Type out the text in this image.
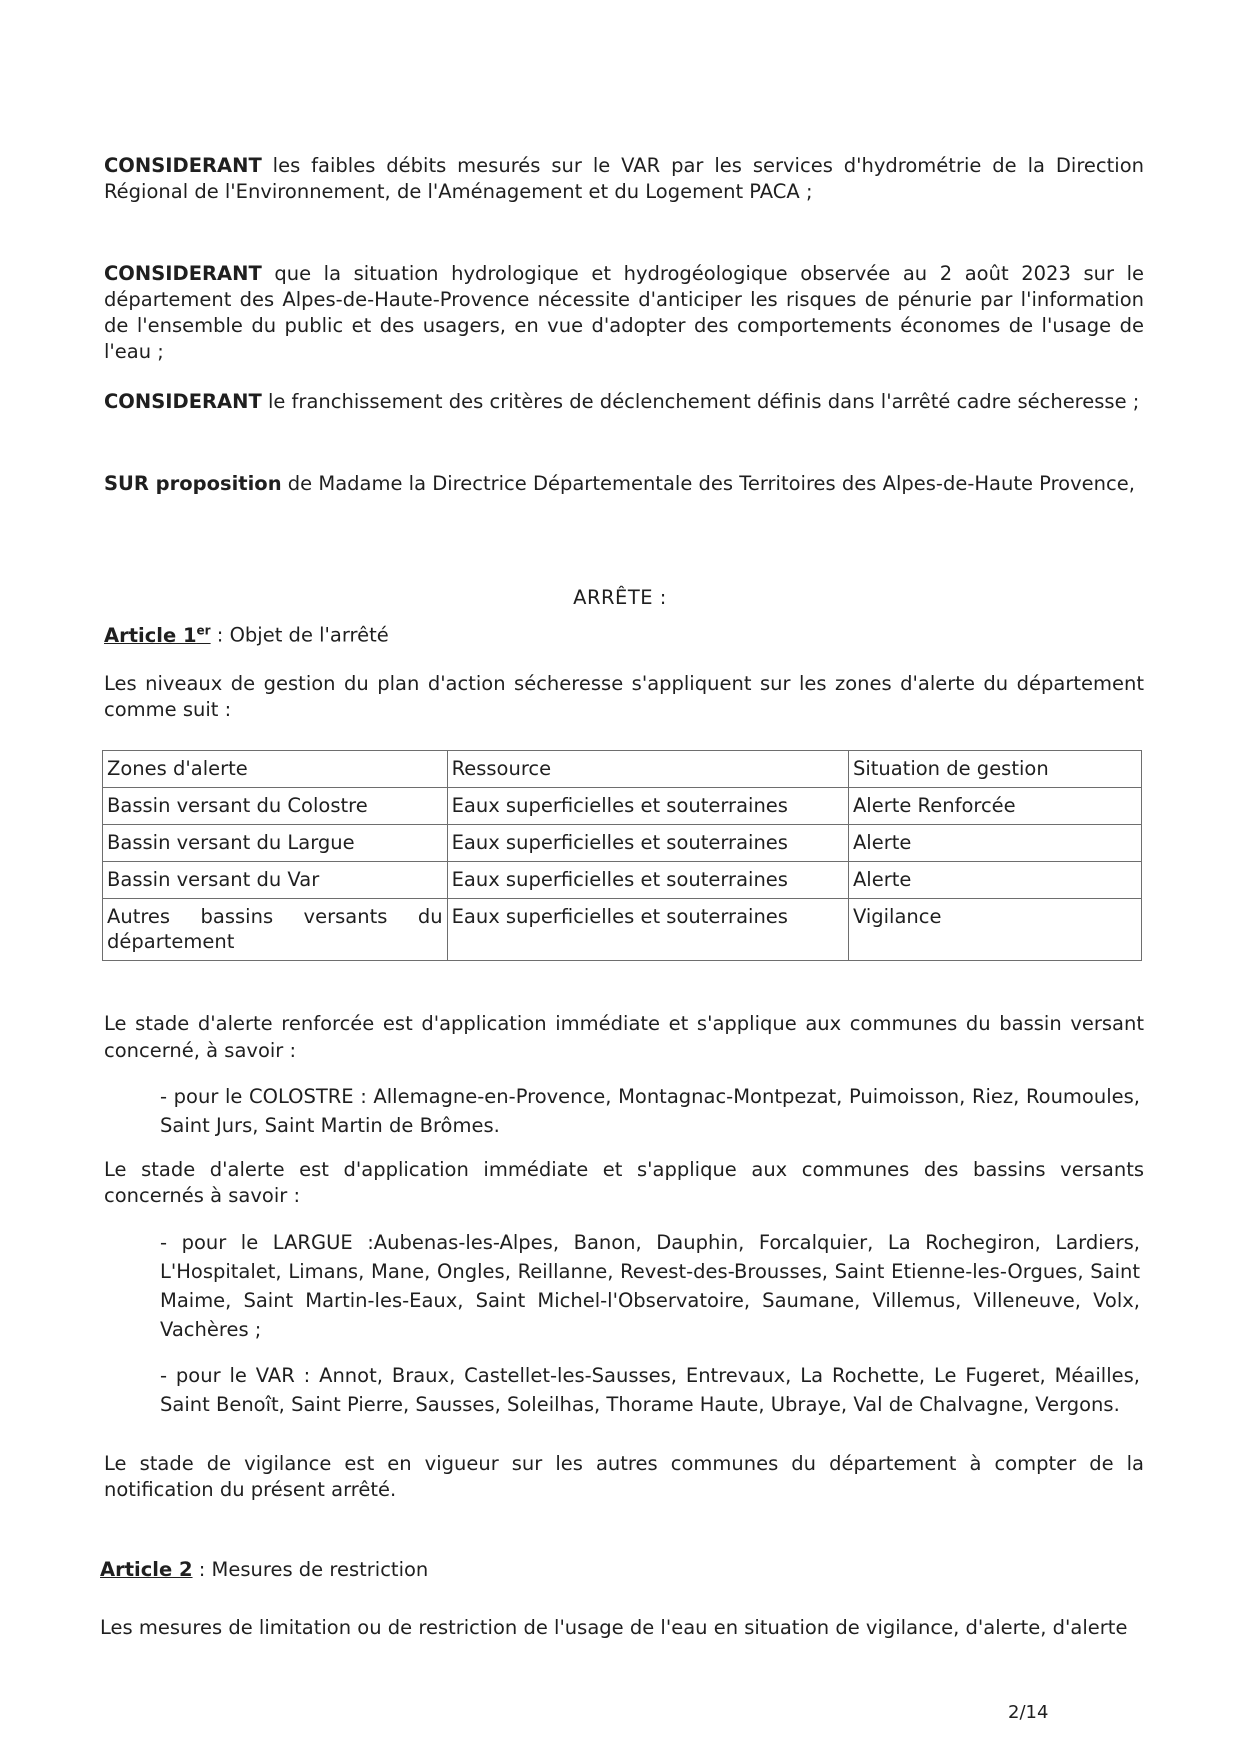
CONSIDERANT les faibles débits mesurés sur le VAR par les services d'hydrométrie de la Direction Régional de l'Environnement, de l'Aménagement et du Logement PACA ;

CONSIDERANT que la situation hydrologique et hydrogéologique observée au 2 août 2023 sur le département des Alpes-de-Haute-Provence nécessite d'anticiper les risques de pénurie par l'information de l'ensemble du public et des usagers, en vue d'adopter des comportements économes de l'usage de l'eau ;

CONSIDERANT le franchissement des critères de déclenchement définis dans l'arrêté cadre sécheresse ;

SUR proposition de Madame la Directrice Départementale des Territoires des Alpes-de-Haute Provence,

ARRÊTE :
Article 1er : Objet de l'arrêté

Les niveaux de gestion du plan d'action sécheresse s'appliquent sur les zones d'alerte du département comme suit :

Zones d'alerte	Ressource	Situation de gestion
Bassin versant du Colostre	Eaux superficielles et souterraines	Alerte Renforcée
Bassin versant du Largue	Eaux superficielles et souterraines	Alerte
Bassin versant du Var	Eaux superficielles et souterraines	Alerte
Autres bassins versants du département	Eaux superficielles et souterraines	Vigilance

Le stade d'alerte renforcée est d'application immédiate et s'applique aux communes du bassin versant concerné, à savoir :

- pour le COLOSTRE : Allemagne-en-Provence, Montagnac-Montpezat, Puimoisson, Riez, Roumoules, Saint Jurs, Saint Martin de Brômes.

Le stade d'alerte est d'application immédiate et s'applique aux communes des bassins versants concernés à savoir :

- pour le LARGUE :Aubenas-les-Alpes, Banon, Dauphin, Forcalquier, La Rochegiron, Lardiers, L'Hospitalet, Limans, Mane, Ongles, Reillanne, Revest-des-Brousses, Saint Etienne-les-Orgues, Saint Maime, Saint Martin-les-Eaux, Saint Michel-l'Observatoire, Saumane, Villemus, Villeneuve, Volx, Vachères ;

- pour le VAR : Annot, Braux, Castellet-les-Sausses, Entrevaux, La Rochette, Le Fugeret, Méailles, Saint Benoît, Saint Pierre, Sausses, Soleilhas, Thorame Haute, Ubraye, Val de Chalvagne, Vergons.

Le stade de vigilance est en vigueur sur les autres communes du département à compter de la notification du présent arrêté.

Article 2 : Mesures de restriction

Les mesures de limitation ou de restriction de l'usage de l'eau en situation de vigilance, d'alerte, d'alerte

2/14
